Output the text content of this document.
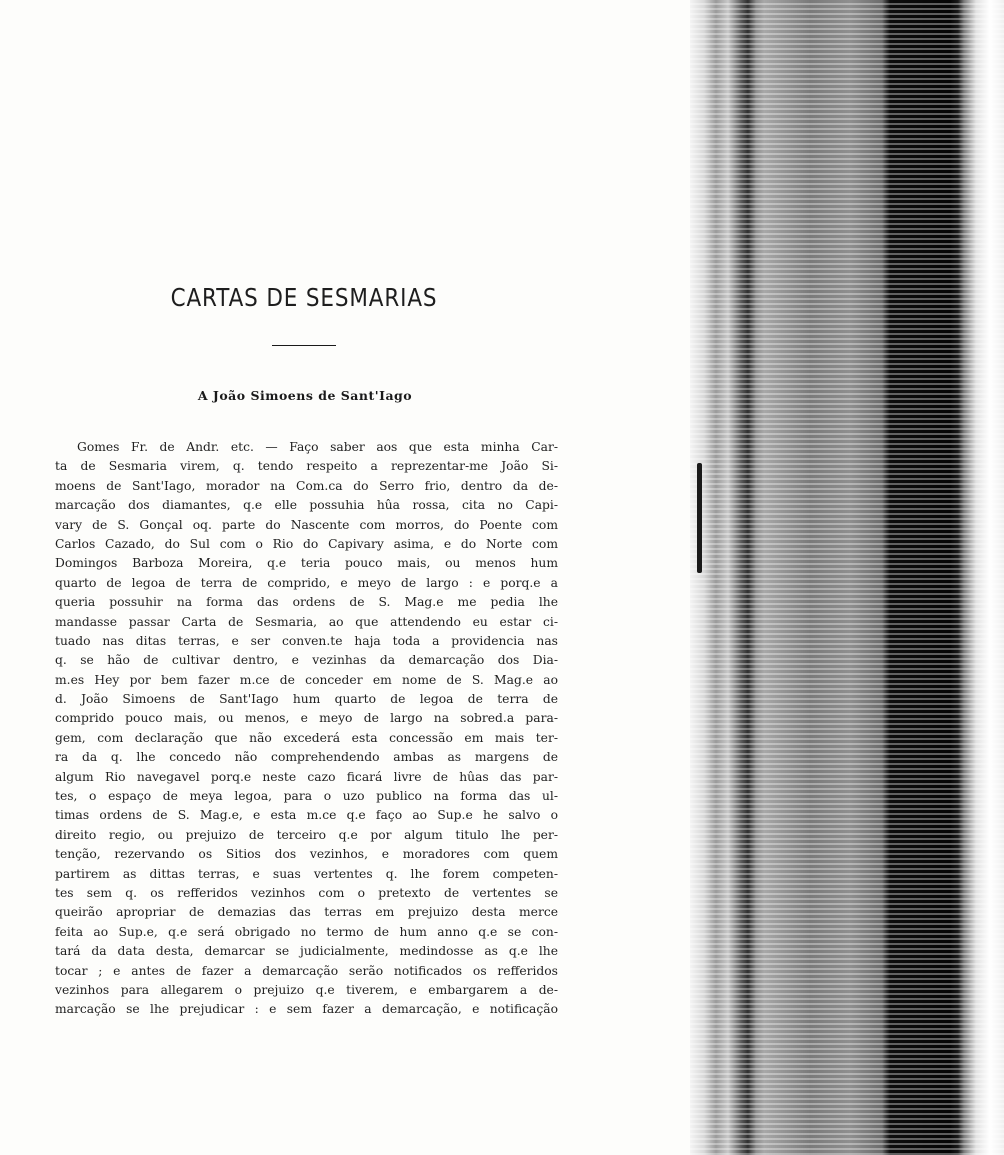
CARTAS DE SESMARIAS
A João Simoens de Sant'Iago
Gomes Fr. de Andr. etc. — Faço saber aos que esta minha Car-
ta de Sesmaria virem, q. tendo respeito a reprezentar-me João Si-
moens de Sant'Iago, morador na Com.ca do Serro frio, dentro da de-
marcação dos diamantes, q.e elle possuhia hûa rossa, cita no Capi-
vary de S. Gonçal oq. parte do Nascente com morros, do Poente com
Carlos Cazado, do Sul com o Rio do Capivary asima, e do Norte com
Domingos Barboza Moreira, q.e teria pouco mais, ou menos hum
quarto de legoa de terra de comprido, e meyo de largo : e porq.e a
queria possuhir na forma das ordens de S. Mag.e me pedia lhe
mandasse passar Carta de Sesmaria, ao que attendendo eu estar ci-
tuado nas ditas terras, e ser conven.te haja toda a providencia nas
q. se hão de cultivar dentro, e vezinhas da demarcação dos Dia-
m.es Hey por bem fazer m.ce de conceder em nome de S. Mag.e ao
d. João Simoens de Sant'Iago hum quarto de legoa de terra de
comprido pouco mais, ou menos, e meyo de largo na sobred.a para-
gem, com declaração que não excederá esta concessão em mais ter-
ra da q. lhe concedo não comprehendendo ambas as margens de
algum Rio navegavel porq.e neste cazo ficará livre de hûas das par-
tes, o espaço de meya legoa, para o uzo publico na forma das ul-
timas ordens de S. Mag.e, e esta m.ce q.e faço ao Sup.e he salvo o
direito regio, ou prejuizo de terceiro q.e por algum titulo lhe per-
tenção, rezervando os Sitios dos vezinhos, e moradores com quem
partirem as dittas terras, e suas vertentes q. lhe forem competen-
tes sem q. os refferidos vezinhos com o pretexto de vertentes se
queirão apropriar de demazias das terras em prejuizo desta merce
feita ao Sup.e, q.e será obrigado no termo de hum anno q.e se con-
tará da data desta, demarcar se judicialmente, medindosse as q.e lhe
tocar ; e antes de fazer a demarcação serão notificados os refferidos
vezinhos para allegarem o prejuizo q.e tiverem, e embargarem a de-
marcação se lhe prejudicar : e sem fazer a demarcação, e notificação
